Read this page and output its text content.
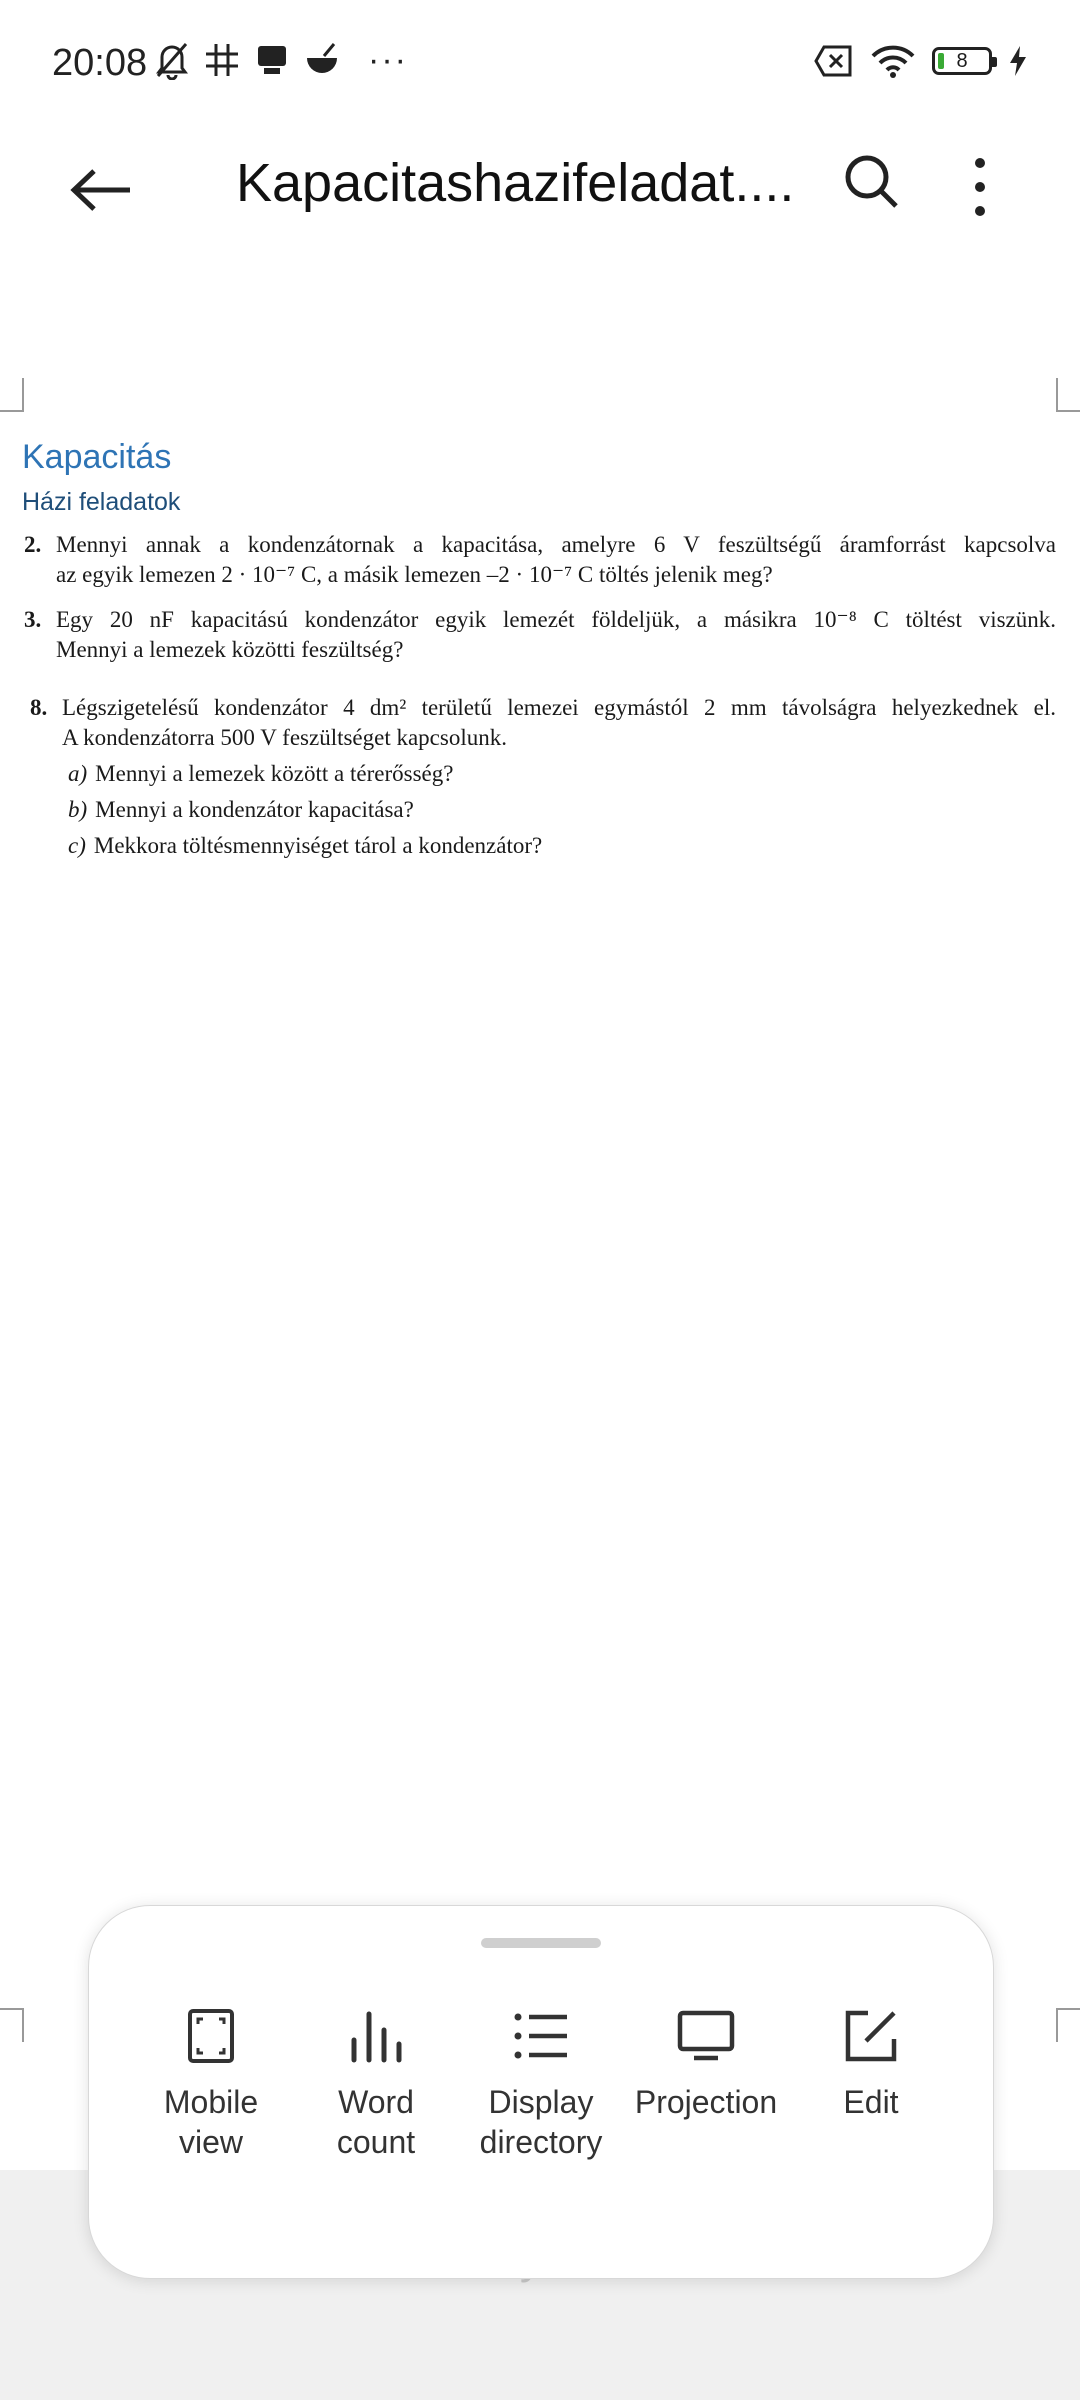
20:08	···	8
Kapacitashazifeladat....
Kapacitás
Házi feladatok
2. Mennyi annak a kondenzátornak a kapacitása, amelyre 6 V feszültségű áramforrást kapcsolva
az egyik lemezen 2 · 10⁻⁷ C, a másik lemezen –2 · 10⁻⁷ C töltés jelenik meg?
3. Egy 20 nF kapacitású kondenzátor egyik lemezét földeljük, a másikra 10⁻⁸ C töltést viszünk.
Mennyi a lemezek közötti feszültség?
8. Légszigetelésű kondenzátor 4 dm² területű lemezei egymástól 2 mm távolságra helyezkednek el.
A kondenzátorra 500 V feszültséget kapcsolunk.
a) Mennyi a lemezek között a térerősség?
b) Mennyi a kondenzátor kapacitása?
c) Mekkora töltésmennyiséget tárol a kondenzátor?
Mobile
view
Word
count
Display
directory
Projection Edit
